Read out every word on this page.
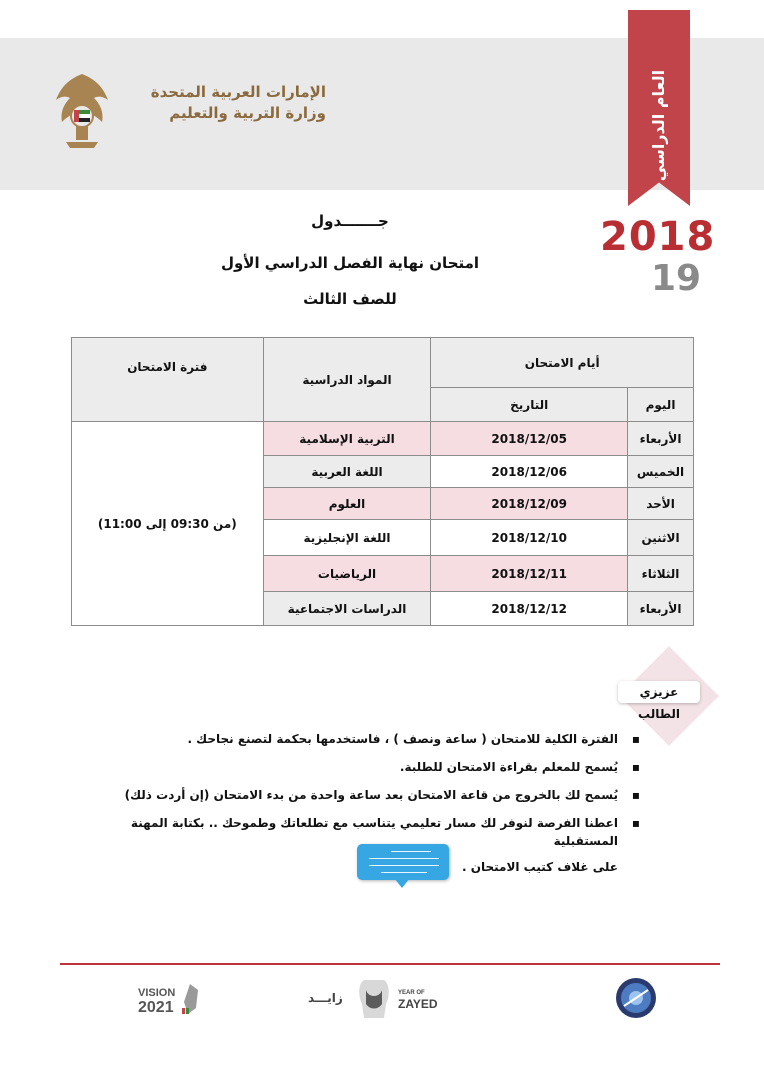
الإمارات العربية المتحدة
وزارة التربية والتعليم	العام الدراسي
2018
19
جـــــــدول
امتحان نهاية الفصل الدراسي الأول
للصف الثالث
أيام الامتحان		المواد الدراسية	فترة الامتحان
اليوم	التاريخ		
الأربعاء	2018/12/05	التربية الإسلامية	(من 09:30 إلى 11:00)
الخميس	2018/12/06	اللغة العربية	
الأحد	2018/12/09	العلوم	
الاثنين	2018/12/10	اللغة الإنجليزية	
الثلاثاء	2018/12/11	الرياضيات	
الأربعاء	2018/12/12	الدراسات الاجتماعية	
عزيزي الطالب
▪ الفترة الكلية للامتحان ( ساعة ونصف ) ، فاستخدمها بحكمة لتصنع نجاحك .
▪ يُسمح للمعلم بقراءة الامتحان للطلبة.
▪ يُسمح لك بالخروج من قاعة الامتحان بعد ساعة واحدة من بدء الامتحان (إن أردت ذلك)
▪ اعطنا الفرصة لنوفر لك مسار تعليمي يتناسب مع تطلعاتك وطموحك .. بكتابة المهنة المستقبلية
على غلاف كتيب الامتحان .
VISION
2021
زايـــد	YEAR OF
ZAYED
